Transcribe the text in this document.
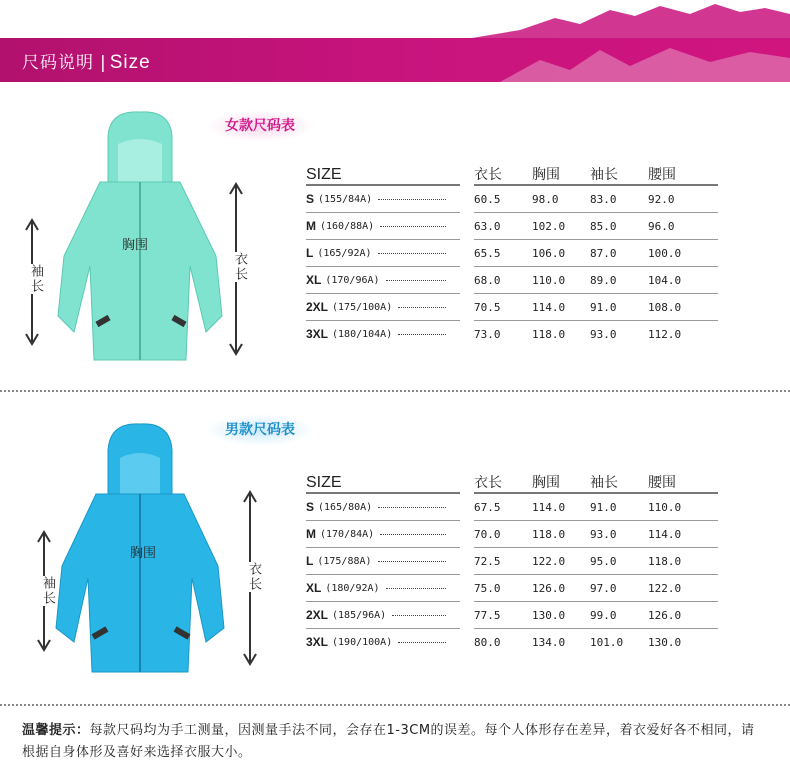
尺码说明 | Size
女款尺码表
袖长
胸围
衣长
SIZE		衣长	胸围	袖长	腰围

S (155/84A)		60.5	98.0	83.0	92.0

M (160/88A)		63.0	102.0	85.0	96.0

L (165/92A)		65.5	106.0	87.0	100.0

XL (170/96A)		68.0	110.0	89.0	104.0

2XL (175/100A)		70.5	114.0	91.0	108.0

3XL (180/104A)		73.0	118.0	93.0	112.0
男款尺码表
袖长
胸围
衣长
SIZE		衣长	胸围	袖长	腰围

S (165/80A)		67.5	114.0	91.0	110.0

M (170/84A)		70.0	118.0	93.0	114.0

L (175/88A)		72.5	122.0	95.0	118.0

XL (180/92A)		75.0	126.0	97.0	122.0

2XL (185/96A)		77.5	130.0	99.0	126.0

3XL (190/100A)		80.0	134.0	101.0	130.0
温馨提示：每款尺码均为手工测量，因测量手法不同，会存在1-3CM的误差。每个人体形存在差异，着衣爱好各不相同，请根据自身体形及喜好来选择衣服大小。
